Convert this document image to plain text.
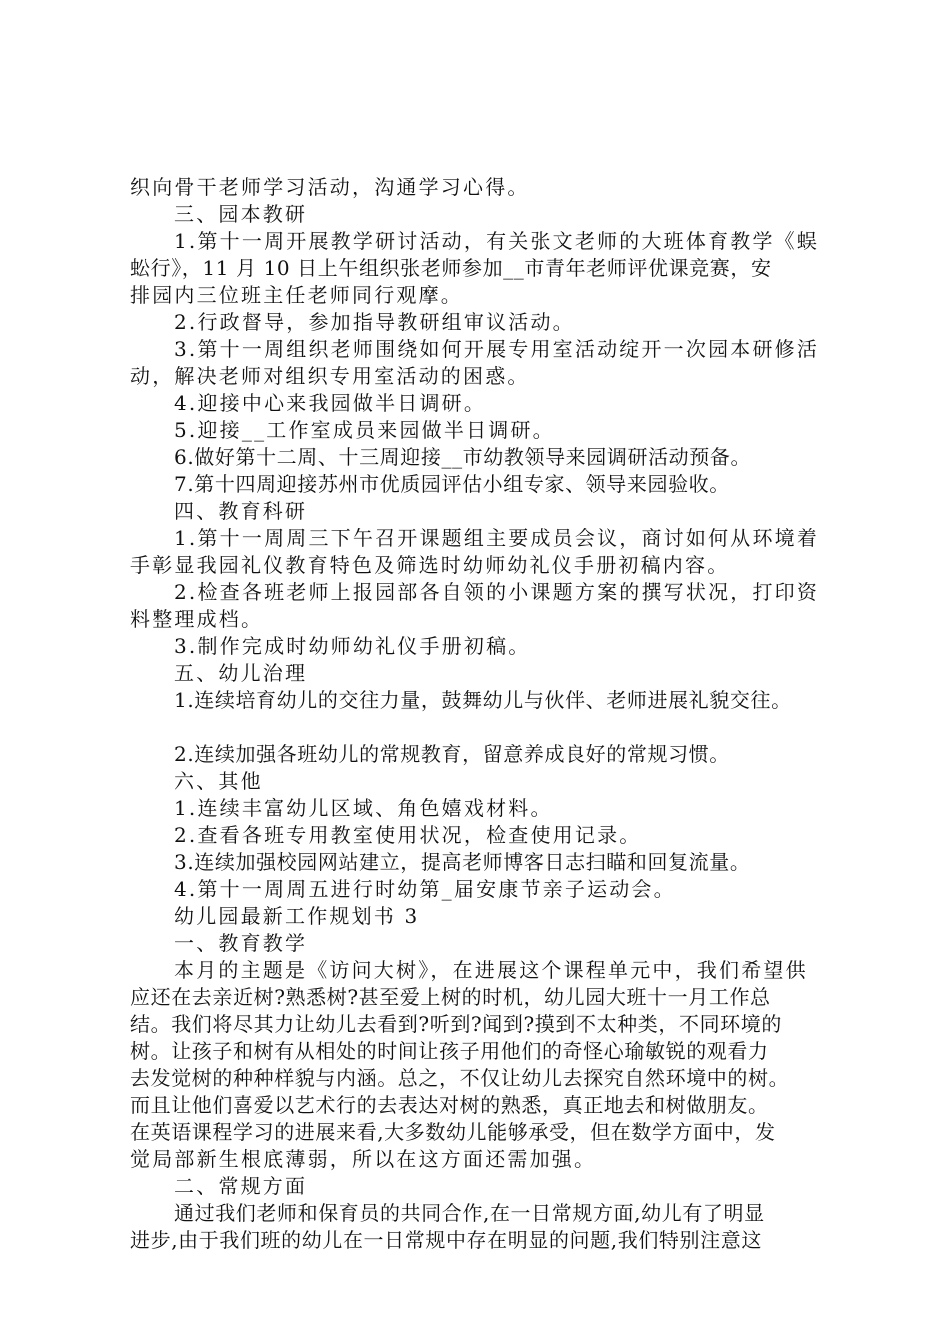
织向骨干老师学习活动，沟通学习心得。
三、园本教研
1.第十一周开展教学研讨活动，有关张文老师的大班体育教学《蜈
蚣行》，11 月 10 日上午组织张老师参加__市青年老师评优课竞赛，安
排园内三位班主任老师同行观摩。
2.行政督导，参加指导教研组审议活动。
3.第十一周组织老师围绕如何开展专用室活动绽开一次园本研修活
动，解决老师对组织专用室活动的困惑。
4.迎接中心来我园做半日调研。
5.迎接__工作室成员来园做半日调研。
6.做好第十二周、十三周迎接__市幼教领导来园调研活动预备。
7.第十四周迎接苏州市优质园评估小组专家、领导来园验收。
四、教育科研
1.第十一周周三下午召开课题组主要成员会议，商讨如何从环境着
手彰显我园礼仪教育特色及筛选时幼师幼礼仪手册初稿内容。
2.检查各班老师上报园部各自领的小课题方案的撰写状况，打印资
料整理成档。
3.制作完成时幼师幼礼仪手册初稿。
五、幼儿治理
1.连续培育幼儿的交往力量，鼓舞幼儿与伙伴、老师进展礼貌交往。
2.连续加强各班幼儿的常规教育，留意养成良好的常规习惯。
六、其他
1.连续丰富幼儿区域、角色嬉戏材料。
2.查看各班专用教室使用状况，检查使用记录。
3.连续加强校园网站建立，提高老师博客日志扫瞄和回复流量。
4.第十一周周五进行时幼第_届安康节亲子运动会。
幼儿园最新工作规划书 3
一、教育教学
本月的主题是《访问大树》，在进展这个课程单元中，我们希望供
应还在去亲近树?熟悉树?甚至爱上树的时机，幼儿园大班十一月工作总
结。我们将尽其力让幼儿去看到?听到?闻到?摸到不太种类，不同环境的
树。让孩子和树有从相处的时间让孩子用他们的奇怪心瑜敏锐的观看力
去发觉树的种种样貌与内涵。总之，不仅让幼儿去探究自然环境中的树。
而且让他们喜爱以艺术行的去表达对树的熟悉，真正地去和树做朋友。
在英语课程学习的进展来看,大多数幼儿能够承受，但在数学方面中，发
觉局部新生根底薄弱，所以在这方面还需加强。
二、常规方面
通过我们老师和保育员的共同合作,在一日常规方面,幼儿有了明显
进步,由于我们班的幼儿在一日常规中存在明显的问题,我们特别注意这
